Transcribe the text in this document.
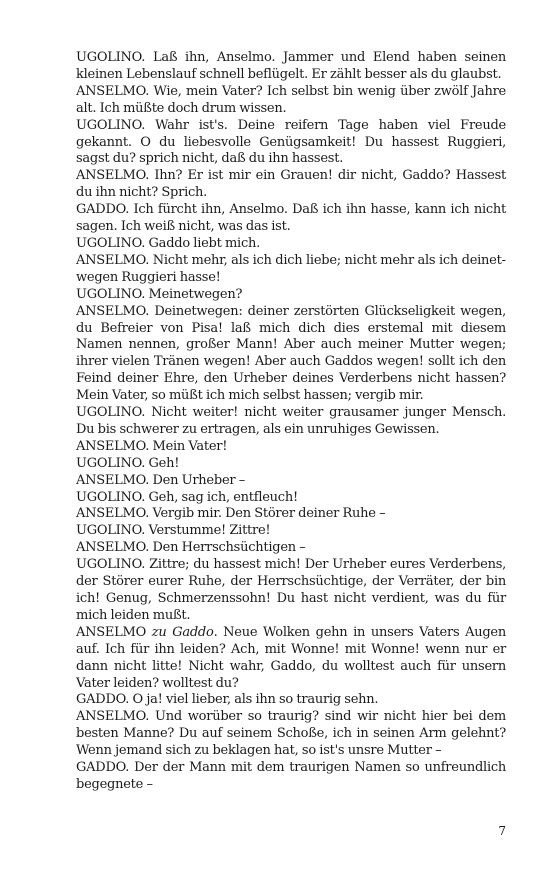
UGOLINO. Laß ihn, Anselmo. Jammer und Elend haben seinen kleinen Lebenslauf schnell beflügelt. Er zählt besser als du glaubst.

ANSELMO. Wie, mein Vater? Ich selbst bin wenig über zwölf Jahre alt. Ich müßte doch drum wissen.

UGOLINO. Wahr ist's. Deine reifern Tage haben viel Freude gekannt. O du liebesvolle Genügsamkeit! Du hassest Ruggieri, sagst du? sprich nicht, daß du ihn hassest.

ANSELMO. Ihn? Er ist mir ein Grauen! dir nicht, Gaddo? Hassest du ihn nicht? Sprich.

GADDO. Ich fürcht ihn, Anselmo. Daß ich ihn hasse, kann ich nicht sagen. Ich weiß nicht, was das ist.

UGOLINO. Gaddo liebt mich.

ANSELMO. Nicht mehr, als ich dich liebe; nicht mehr als ich deinetwegen Ruggieri hasse!

UGOLINO. Meinetwegen?

ANSELMO. Deinetwegen: deiner zerstörten Glückseligkeit wegen, du Befreier von Pisa! laß mich dich dies erstemal mit diesem Namen nennen, großer Mann! Aber auch meiner Mutter wegen; ihrer vielen Tränen wegen! Aber auch Gaddos wegen! sollt ich den Feind deiner Ehre, den Urheber deines Verderbens nicht hassen? Mein Vater, so müßt ich mich selbst hassen; vergib mir.

UGOLINO. Nicht weiter! nicht weiter grausamer junger Mensch. Du bis schwerer zu ertragen, als ein unruhiges Gewissen.

ANSELMO. Mein Vater!

UGOLINO. Geh!

ANSELMO. Den Urheber –

UGOLINO. Geh, sag ich, entfleuch!

ANSELMO. Vergib mir. Den Störer deiner Ruhe –

UGOLINO. Verstumme! Zittre!

ANSELMO. Den Herrschsüchtigen –

UGOLINO. Zittre; du hassest mich! Der Urheber eures Verderbens, der Störer eurer Ruhe, der Herrschsüchtige, der Verräter, der bin ich! Genug, Schmerzenssohn! Du hast nicht verdient, was du für mich leiden mußt.

ANSELMO zu Gaddo. Neue Wolken gehn in unsers Vaters Augen auf. Ich für ihn leiden? Ach, mit Wonne! mit Wonne! wenn nur er dann nicht litte! Nicht wahr, Gaddo, du wolltest auch für unsern Vater leiden? wolltest du?

GADDO. O ja! viel lieber, als ihn so traurig sehn.

ANSELMO. Und worüber so traurig? sind wir nicht hier bei dem besten Manne? Du auf seinem Schoße, ich in seinen Arm gelehnt? Wenn jemand sich zu beklagen hat, so ist's unsre Mutter –

GADDO. Der der Mann mit dem traurigen Namen so unfreundlich begegnete –

7
